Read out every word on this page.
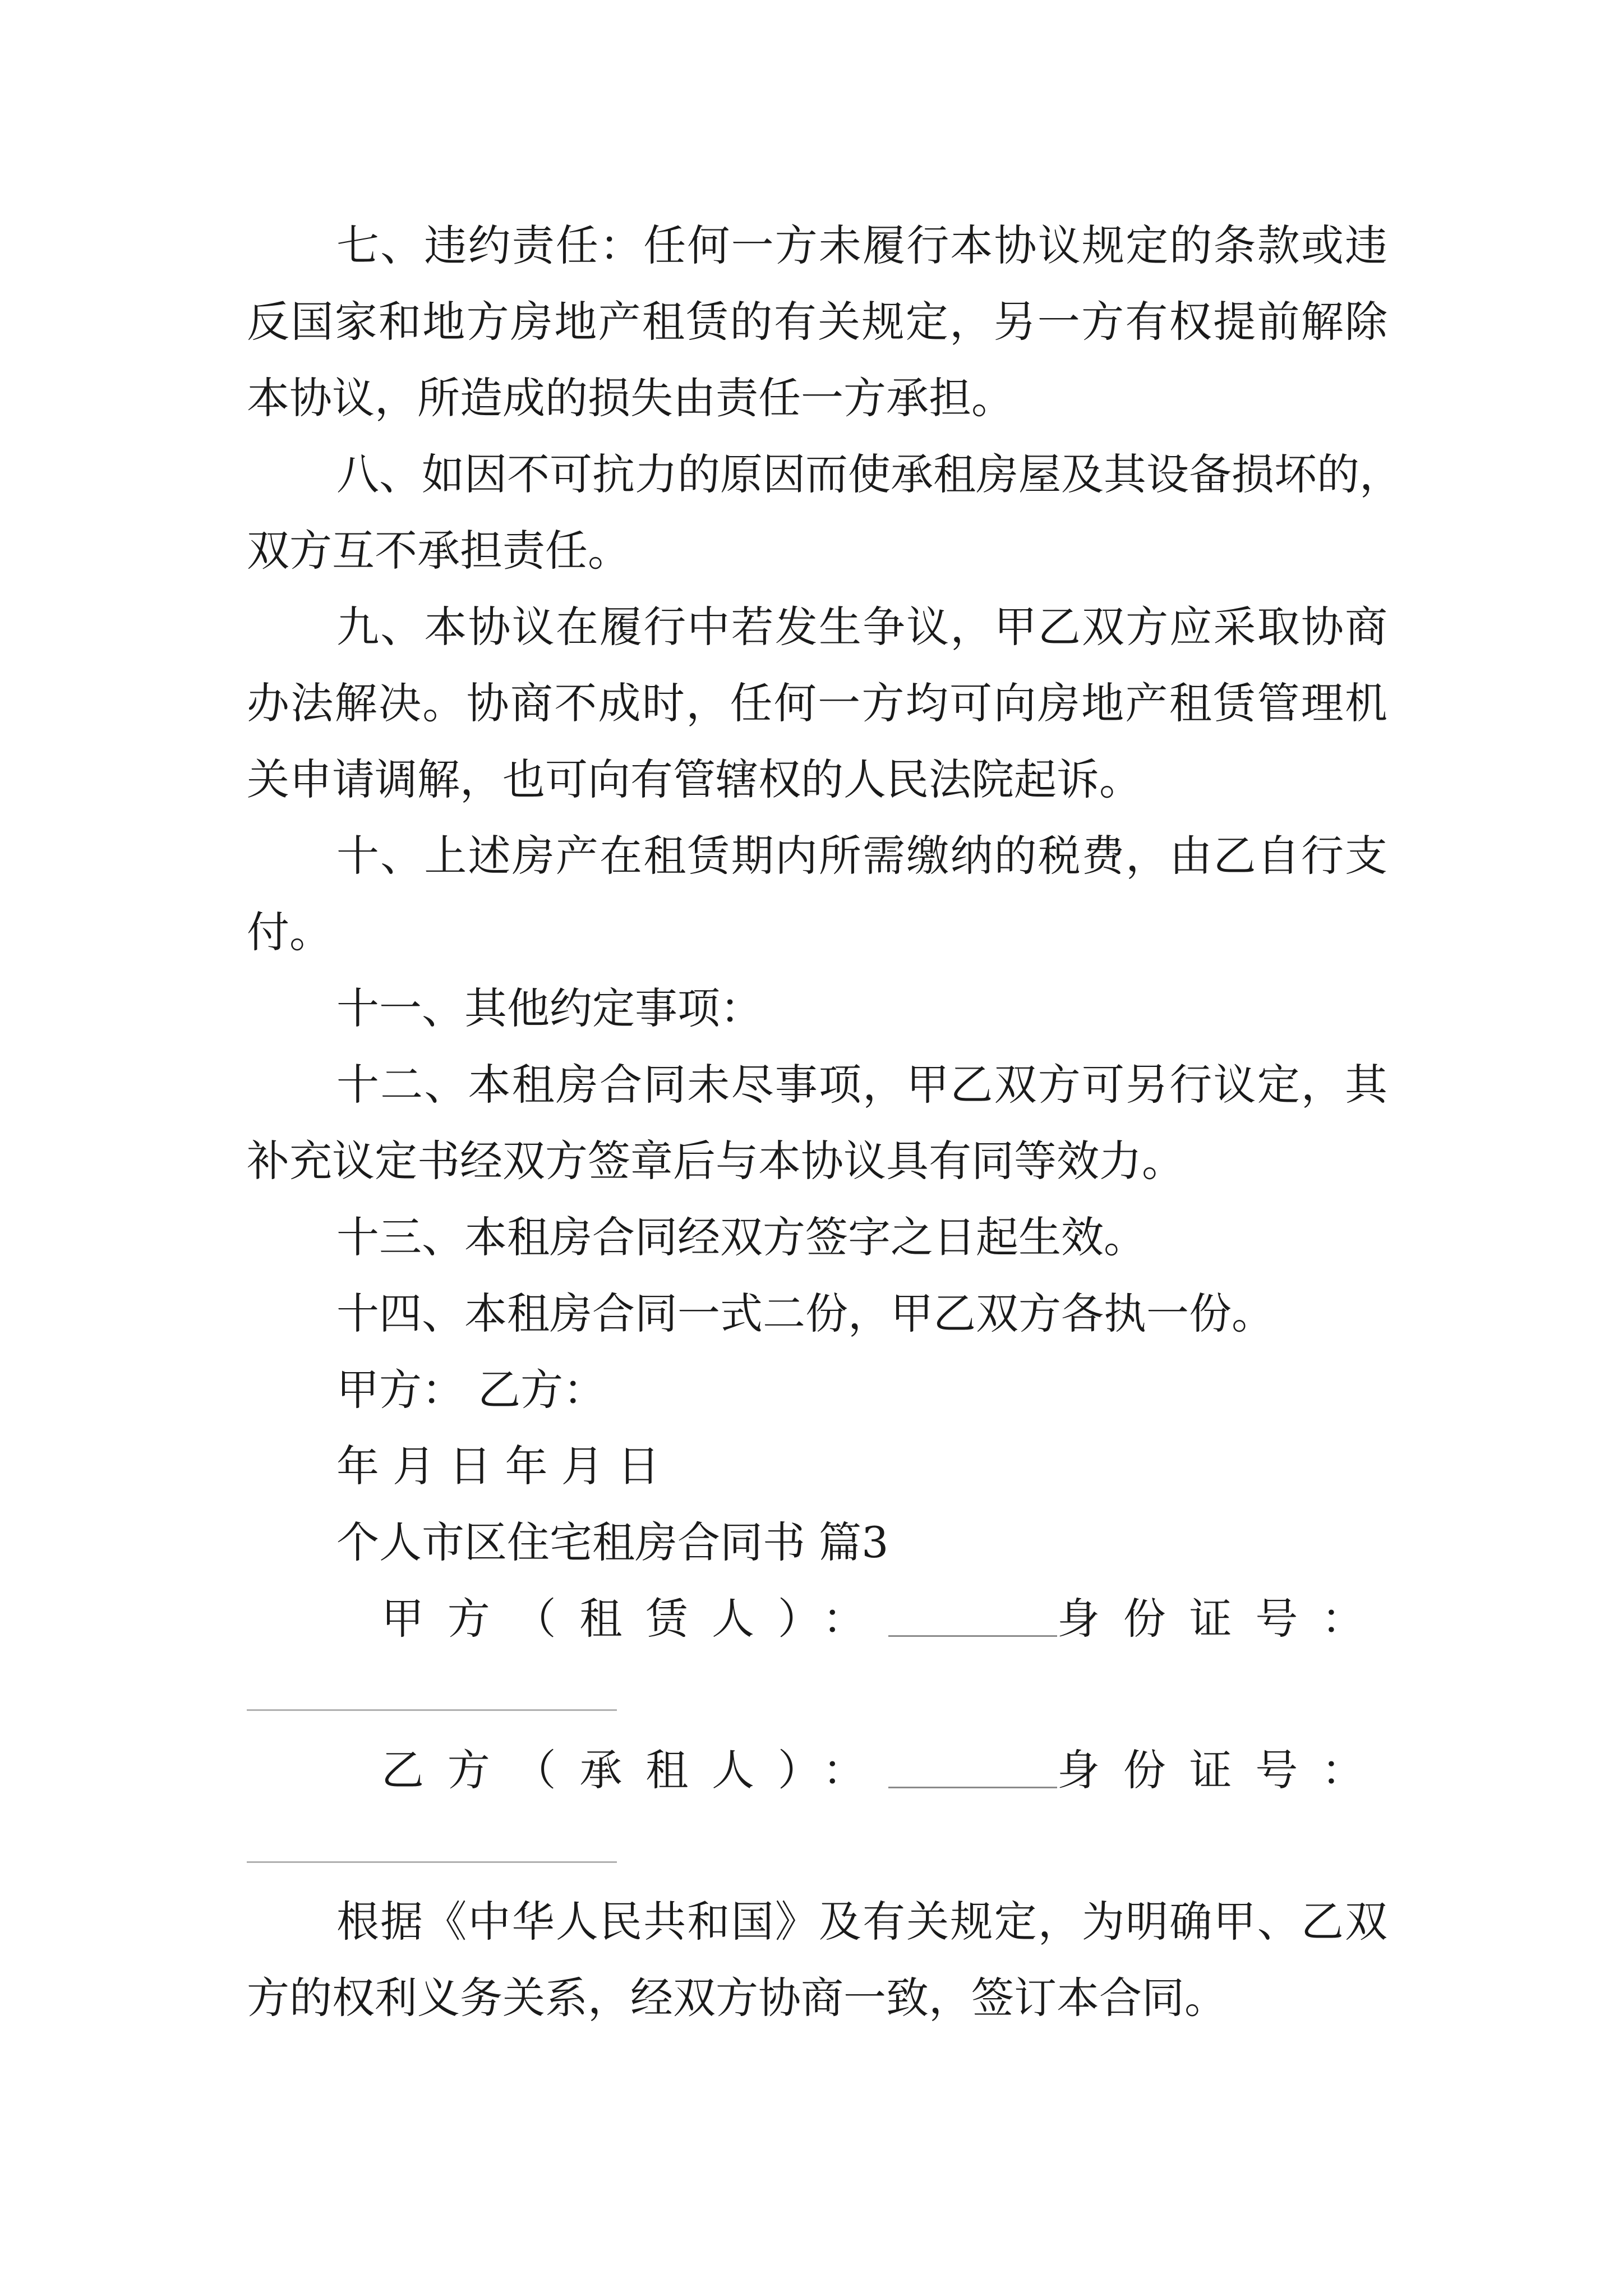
七、违约责任：任何一方未履行本协议规定的条款或违
反国家和地方房地产租赁的有关规定，另一方有权提前解除
本协议，所造成的损失由责任一方承担。
八、如因不可抗力的原因而使承租房屋及其设备损坏的，
双方互不承担责任。
九、本协议在履行中若发生争议，甲乙双方应采取协商
办法解决。协商不成时，任何一方均可向房地产租赁管理机
关申请调解，也可向有管辖权的人民法院起诉。
十、上述房产在租赁期内所需缴纳的税费，由乙自行支
付。
十一、其他约定事项：
十二、本租房合同未尽事项，甲乙双方可另行议定，其
补充议定书经双方签章后与本协议具有同等效力。
十三、本租房合同经双方签字之日起生效。
十四、本租房合同一式二份，甲乙双方各执一份。
甲方： 乙方：
年 月 日 年 月 日
个人市区住宅租房合同书 篇3
甲方（租赁人）：	身份证号：
乙方（承租人）：	身份证号：
根据《中华人民共和国》及有关规定，为明确甲、乙双
方的权利义务关系，经双方协商一致，签订本合同。
